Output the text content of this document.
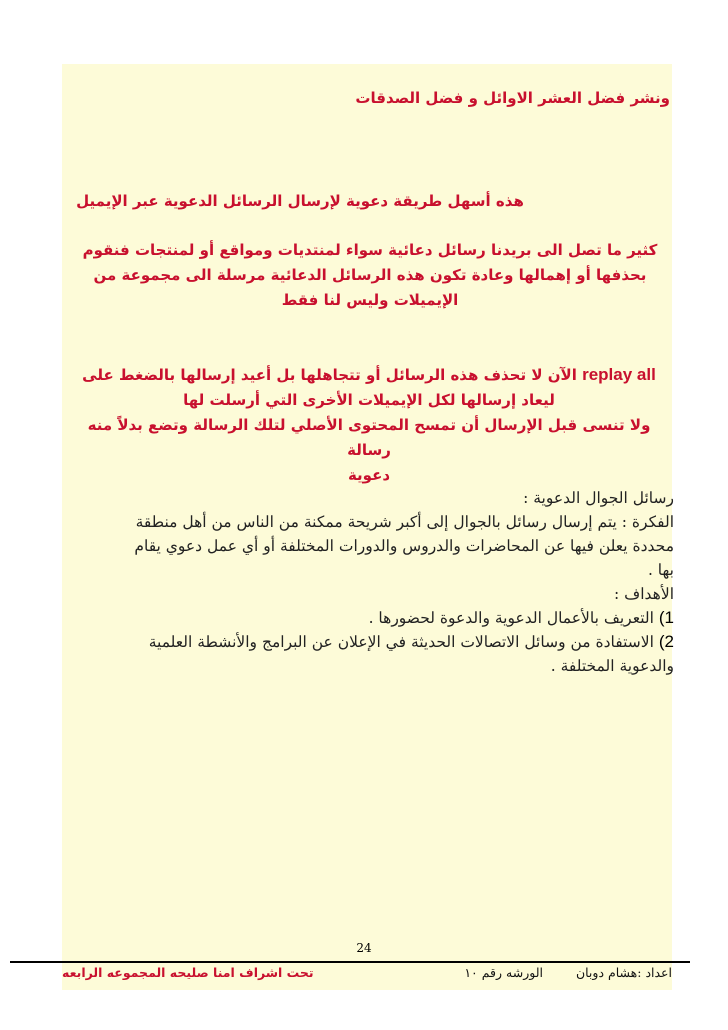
ونشر فضل العشر الاوائل و فضل الصدقات

هذه أسهل طريقة دعوية لإرسال الرسائل الدعوية عبر الإيميل

كثير ما تصل الى بريدنا رسائل دعائية سواء لمنتديات ومواقع أو لمنتجات فنقوم
بحذفها أو إهمالها وعادة تكون هذه الرسائل الدعائية مرسلة الى مجموعة من
الإيميلات وليس لنا فقط
replay all الآن لا تحذف هذه الرسائل أو تتجاهلها بل أعيد إرسالها بالضغط على
ليعاد إرسالها لكل الإيميلات الأخرى التي أرسلت لها
ولا تنسى قبل الإرسال أن تمسح المحتوى الأصلي لتلك الرسالة وتضع بدلاً منه رسالة
دعوية
رسائل الجوال الدعوية :
الفكرة : يتم إرسال رسائل بالجوال إلى أكبر شريحة ممكنة من الناس من أهل منطقة
محددة يعلن فيها عن المحاضرات والدروس والدورات المختلفة أو أي عمل دعوي يقام
بها .
الأهداف :
1) التعريف بالأعمال الدعوية والدعوة لحضورها .
2) الاستفادة من وسائل الاتصالات الحديثة في الإعلان عن البرامج والأنشطة العلمية
والدعوية المختلفة .
24
اعداد :هشام دوبان
الورشه رقم ١٠
تحت اشراف امنا صليحه المجموعه الرابعه
